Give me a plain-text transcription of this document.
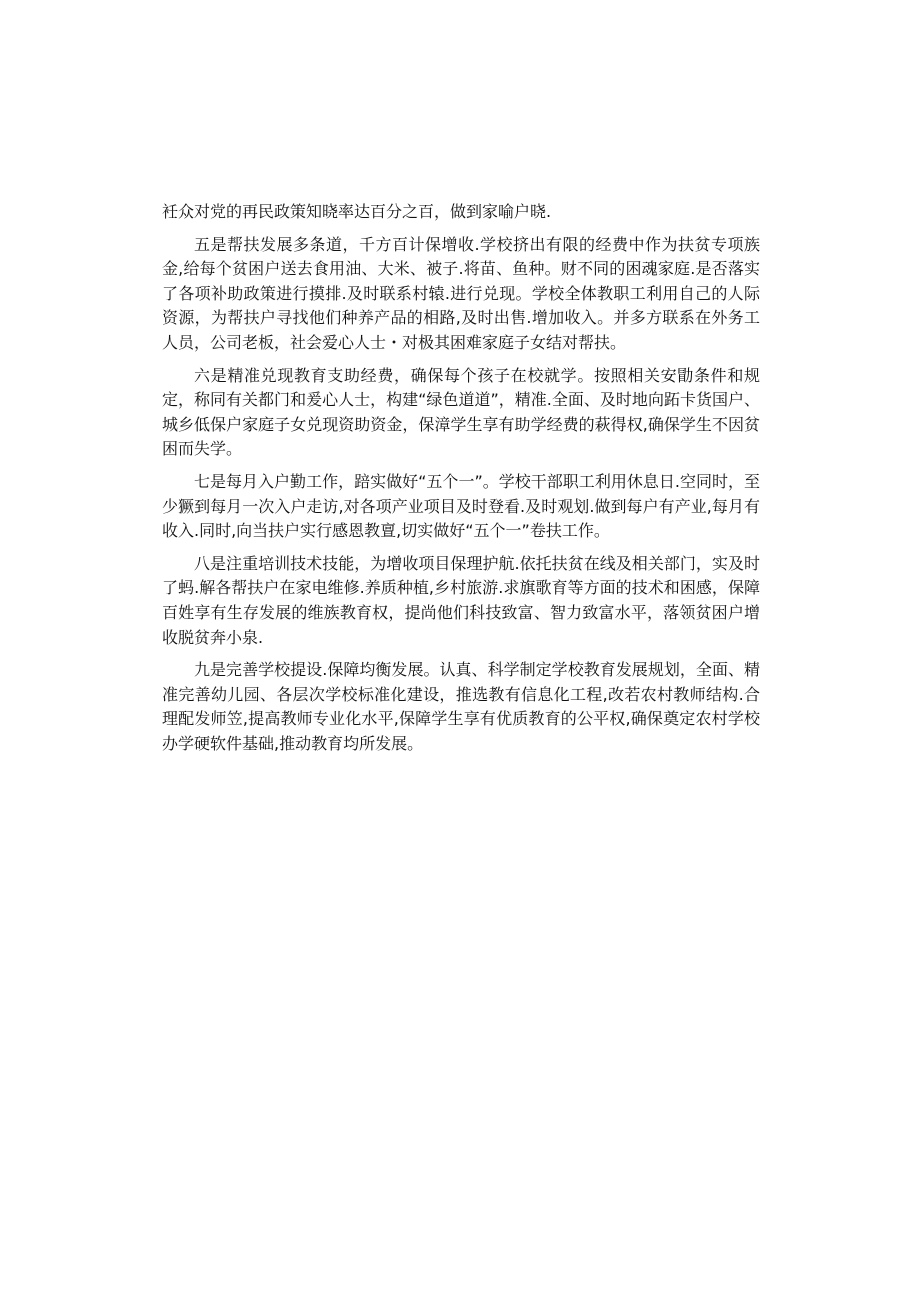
衽众对党的再民政策知晓率达百分之百，做到家喻户晓.

五是帮扶发展多条道，千方百计保增收.学校挤出有限的经费中作为扶贫专项族金,给每个贫困户送去食用油、大米、被子.将苗、鱼种。财不同的困魂家庭.是否落实了各项补助政策进行摸排.及时联系村辕.进行兑现。学校全体教职工利用自己的人际资源，为帮扶户寻找他们种养产品的相路,及时出售.增加收入。并多方联系在外务工人员，公司老板，社会爱心人士・对极其困难家庭子女结对帮扶。

六是精准兑现教育支助经费，确保每个孩子在校就学。按照相关安勖条件和规定，称同有关都门和爰心人士，构建“绿色道道”，精准.全面、及时地向跖卡货国户、城乡低保户家庭子女兑现资助资金，保漳学生享有助学经费的萩得权,确保学生不因贫困而失学。

七是每月入户勤工作，踣实做好“五个一”。学校干部职工利用休息日.空同时，至少獗到每月一次入户走访,对各项产业项目及时登看.及时观划.做到每户有产业,每月有收入.同时,向当扶户实行感恩教亶,切实做好“五个一”卷扶工作。

八是注重培训技术技能，为增收项目保理护航.依托扶贫在线及相关部门，实及时了蚂.解各帮扶户在家电维修.养质种植,乡村旅游.求旗歌育等方面的技术和困感，保障百姓享有生存发展的维族教育权，提尚他们科技致富、智力致富水平，落领贫困户增收脱贫奔小泉.

九是完善学校提设.保障均衡发展。认真、科学制定学校教育发展规划，全面、精准完善幼儿园、各层次学校标准化建设，推选教有信息化工程,改若农村教师结构.合理配发师笠,提高教师专业化水平,保障学生享有优质教育的公平权,确保奠定农村学校办学硬软件基础,推动教育均所发展。
